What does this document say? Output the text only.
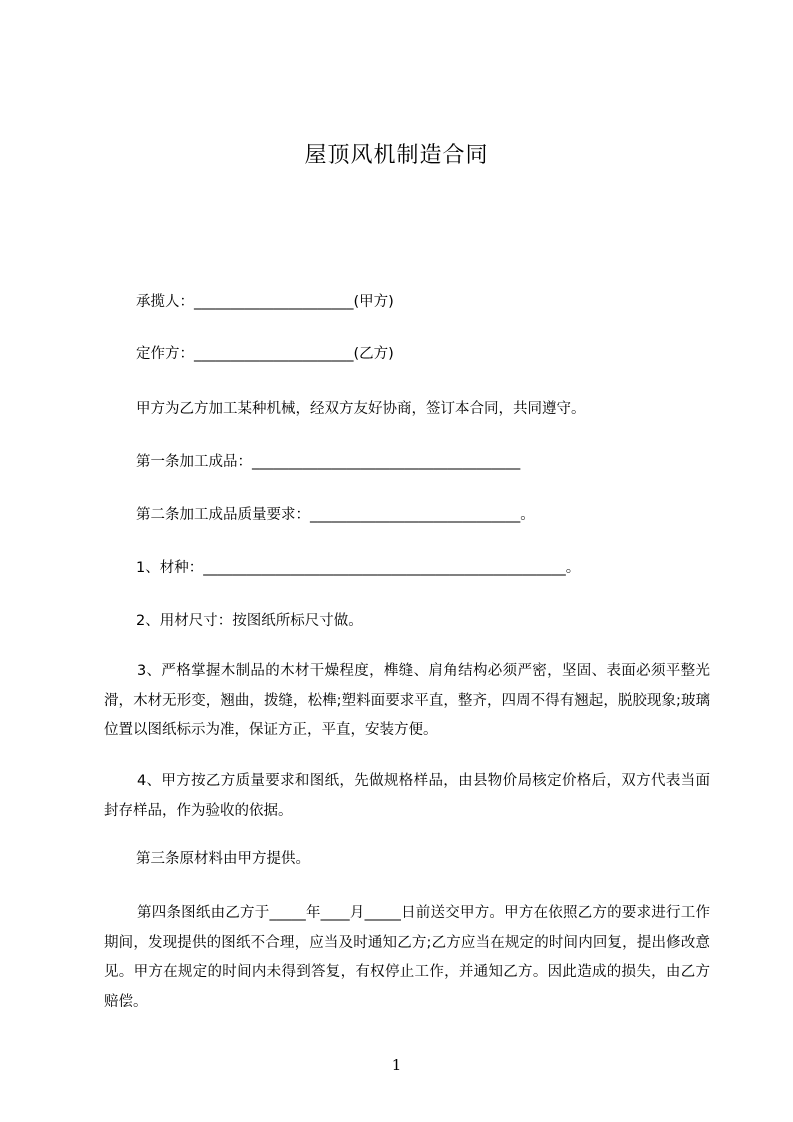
屋顶风机制造合同
承揽人：______________________(甲方)
定作方：______________________(乙方)
甲方为乙方加工某种机械，经双方友好协商，签订本合同，共同遵守。
第一条加工成品：_____________________________________
第二条加工成品质量要求：_____________________________。
1、材种：__________________________________________________。
2、用材尺寸：按图纸所标尺寸做。
3、严格掌握木制品的木材干燥程度，榫缝、肩角结构必须严密，坚固、表面必须平整光滑，木材无形变，翘曲，拨缝，松榫;塑料面要求平直，整齐，四周不得有翘起，脱胶现象;玻璃位置以图纸标示为准，保证方正，平直，安装方便。
4、甲方按乙方质量要求和图纸，先做规格样品，由县物价局核定价格后，双方代表当面封存样品，作为验收的依据。
第三条原材料由甲方提供。
第四条图纸由乙方于_____年____月_____日前送交甲方。甲方在依照乙方的要求进行工作期间，发现提供的图纸不合理，应当及时通知乙方;乙方应当在规定的时间内回复，提出修改意见。甲方在规定的时间内未得到答复，有权停止工作，并通知乙方。因此造成的损失，由乙方赔偿。
1
